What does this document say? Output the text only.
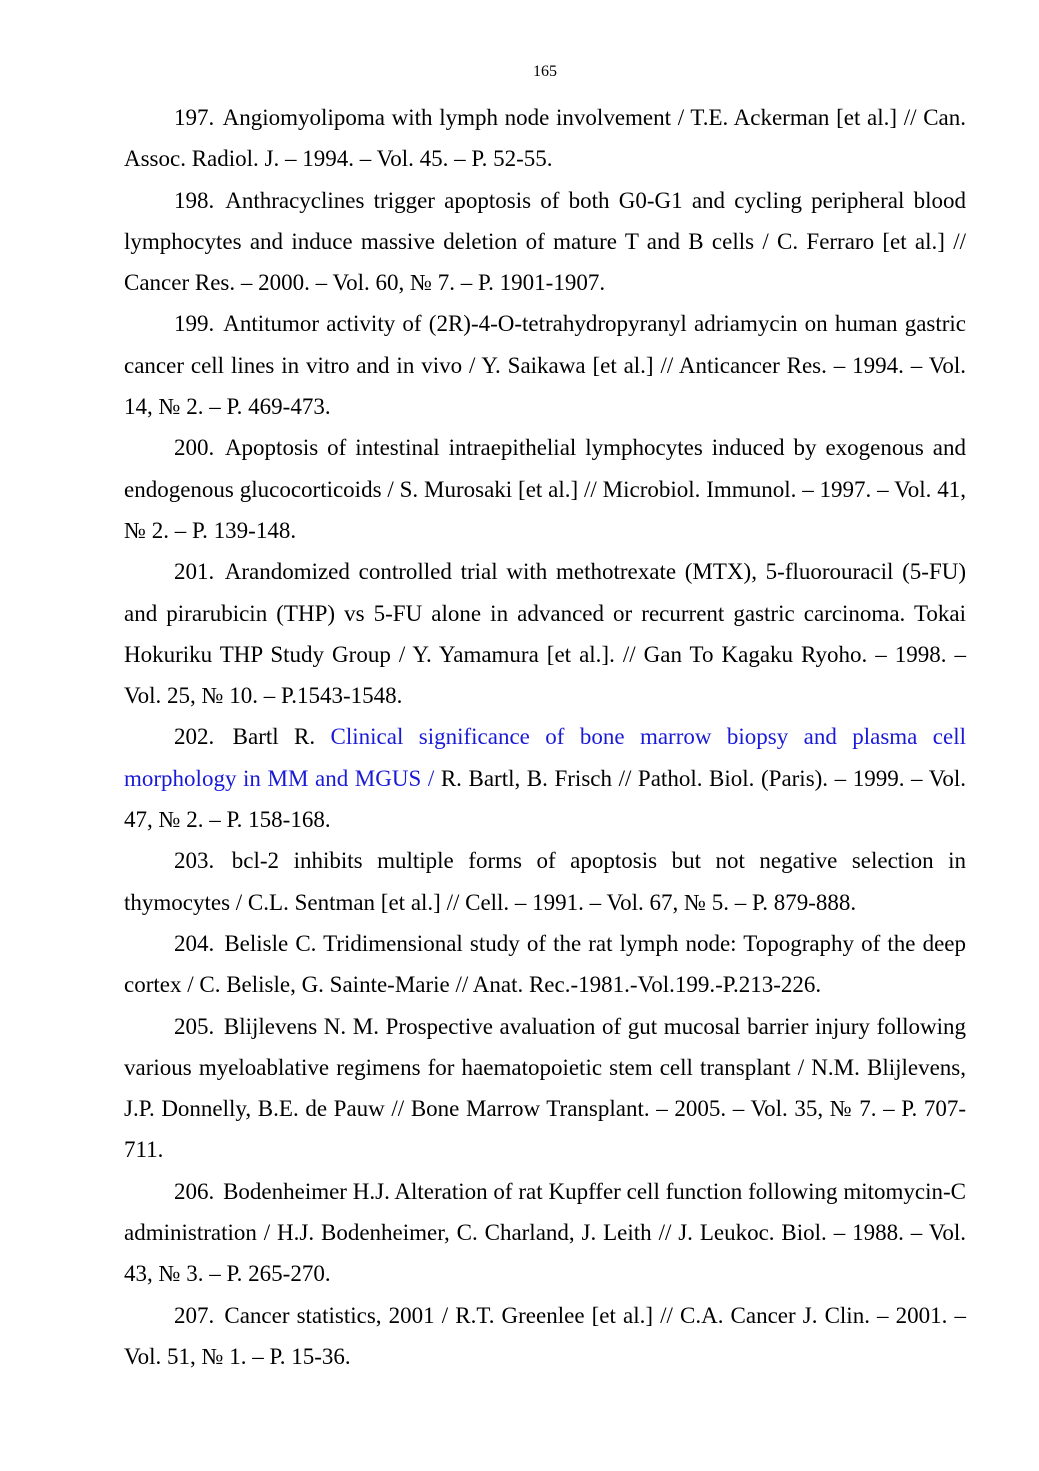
165

197. Angiomyolipoma with lymph node involvement / T.E. Ackerman [et al.] // Can. Assoc. Radiol. J. – 1994. – Vol. 45. – P. 52-55.

198. Anthracyclines trigger apoptosis of both G0-G1 and cycling peripheral blood lymphocytes and induce massive deletion of mature T and B cells / C. Ferraro [et al.] // Cancer Res. – 2000. – Vol. 60, № 7. – P. 1901-1907.

199. Antitumor activity of (2R)-4-O-tetrahydropyranyl adriamycin on human gastric cancer cell lines in vitro and in vivo / Y. Saikawa [et al.] // Anticancer Res. – 1994. – Vol. 14, № 2. – P. 469-473.

200. Apoptosis of intestinal intraepithelial lymphocytes induced by exogenous and endogenous glucocorticoids / S. Murosaki [et al.] // Microbiol. Immunol. – 1997. – Vol. 41, № 2. – P. 139-148.

201. Arandomized controlled trial with methotrexate (MTX), 5-fluorouracil (5-FU) and pirarubicin (THP) vs 5-FU alone in advanced or recurrent gastric carcinoma. Tokai Hokuriku THP Study Group / Y. Yamamura [et al.]. // Gan To Kagaku Ryoho. – 1998. – Vol. 25, № 10. – P.1543-1548.

202. Bartl R. Clinical significance of bone marrow biopsy and plasma cell morphology in MM and MGUS / R. Bartl, B. Frisch // Pathol. Biol. (Paris). – 1999. – Vol. 47, № 2. – P. 158-168.

203. bcl-2 inhibits multiple forms of apoptosis but not negative selection in thymocytes / C.L. Sentman [et al.] // Cell. – 1991. – Vol. 67, № 5. – P. 879-888.

204. Belisle C. Tridimensional study of the rat lymph node: Topography of the deep cortex / C. Belisle, G. Sainte-Marie // Anat. Rec.-1981.-Vol.199.-P.213-226.

205. Blijlevens N. M. Prospective avaluation of gut mucosal barrier injury following various myeloablative regimens for haematopoietic stem cell transplant / N.M. Blijlevens, J.P. Donnelly, B.E. de Pauw // Bone Marrow Transplant. – 2005. – Vol. 35, № 7. – P. 707-711.

206. Bodenheimer H.J. Alteration of rat Kupffer cell function following mitomycin-C administration / H.J. Bodenheimer, C. Charland, J. Leith // J. Leukoc. Biol. – 1988. – Vol. 43, № 3. – P. 265-270.

207. Cancer statistics, 2001 / R.T. Greenlee [et al.] // C.A. Cancer J. Clin. – 2001. – Vol. 51, № 1. – P. 15-36.
